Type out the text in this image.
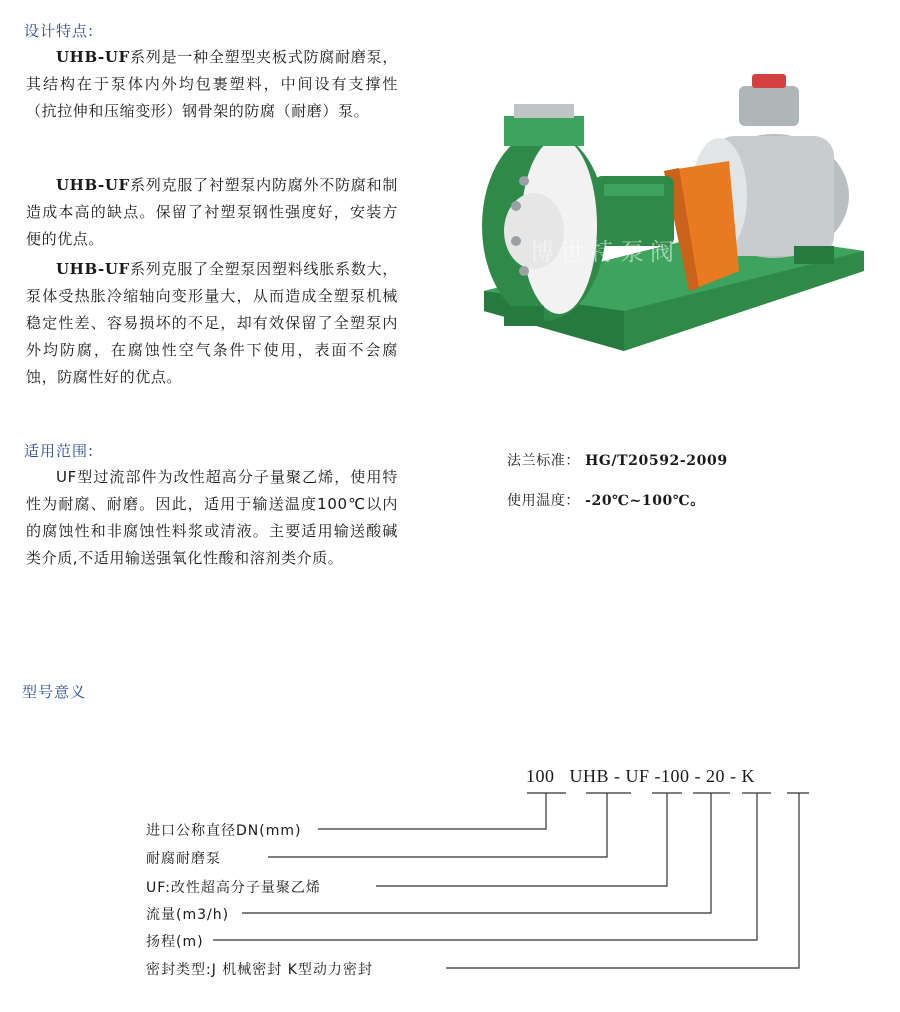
设计特点:

UHB-UF系列是一种全塑型夹板式防腐耐磨泵，其结构在于泵体内外均包裹塑料，中间设有支撑性（抗拉伸和压缩变形）钢骨架的防腐（耐磨）泵。

UHB-UF系列克服了衬塑泵内防腐外不防腐和制造成本高的缺点。保留了衬塑泵钢性强度好，安装方便的优点。

UHB-UF系列克服了全塑泵因塑料线胀系数大，泵体受热胀冷缩轴向变形量大，从而造成全塑泵机械稳定性差、容易损坏的不足，却有效保留了全塑泵内外均防腐，在腐蚀性空气条件下使用，表面不会腐蚀，防腐性好的优点。

适用范围:

UF型过流部件为改性超高分子量聚乙烯，使用特性为耐腐、耐磨。因此，适用于输送温度100℃以内的腐蚀性和非腐蚀性料浆或清液。主要适用输送酸碱类介质,不适用输送强氧化性酸和溶剂类介质。

博世特泵阀

法兰标准： HG/T20592-2009

使用温度： -20℃~100℃。

型号意义
100 UHB - UF -100 - 20 - K

进口公称直径DN(mm)

耐腐耐磨泵

UF:改性超高分子量聚乙烯

流量(m3/h)

扬程(m)

密封类型:J 机械密封 K型动力密封
